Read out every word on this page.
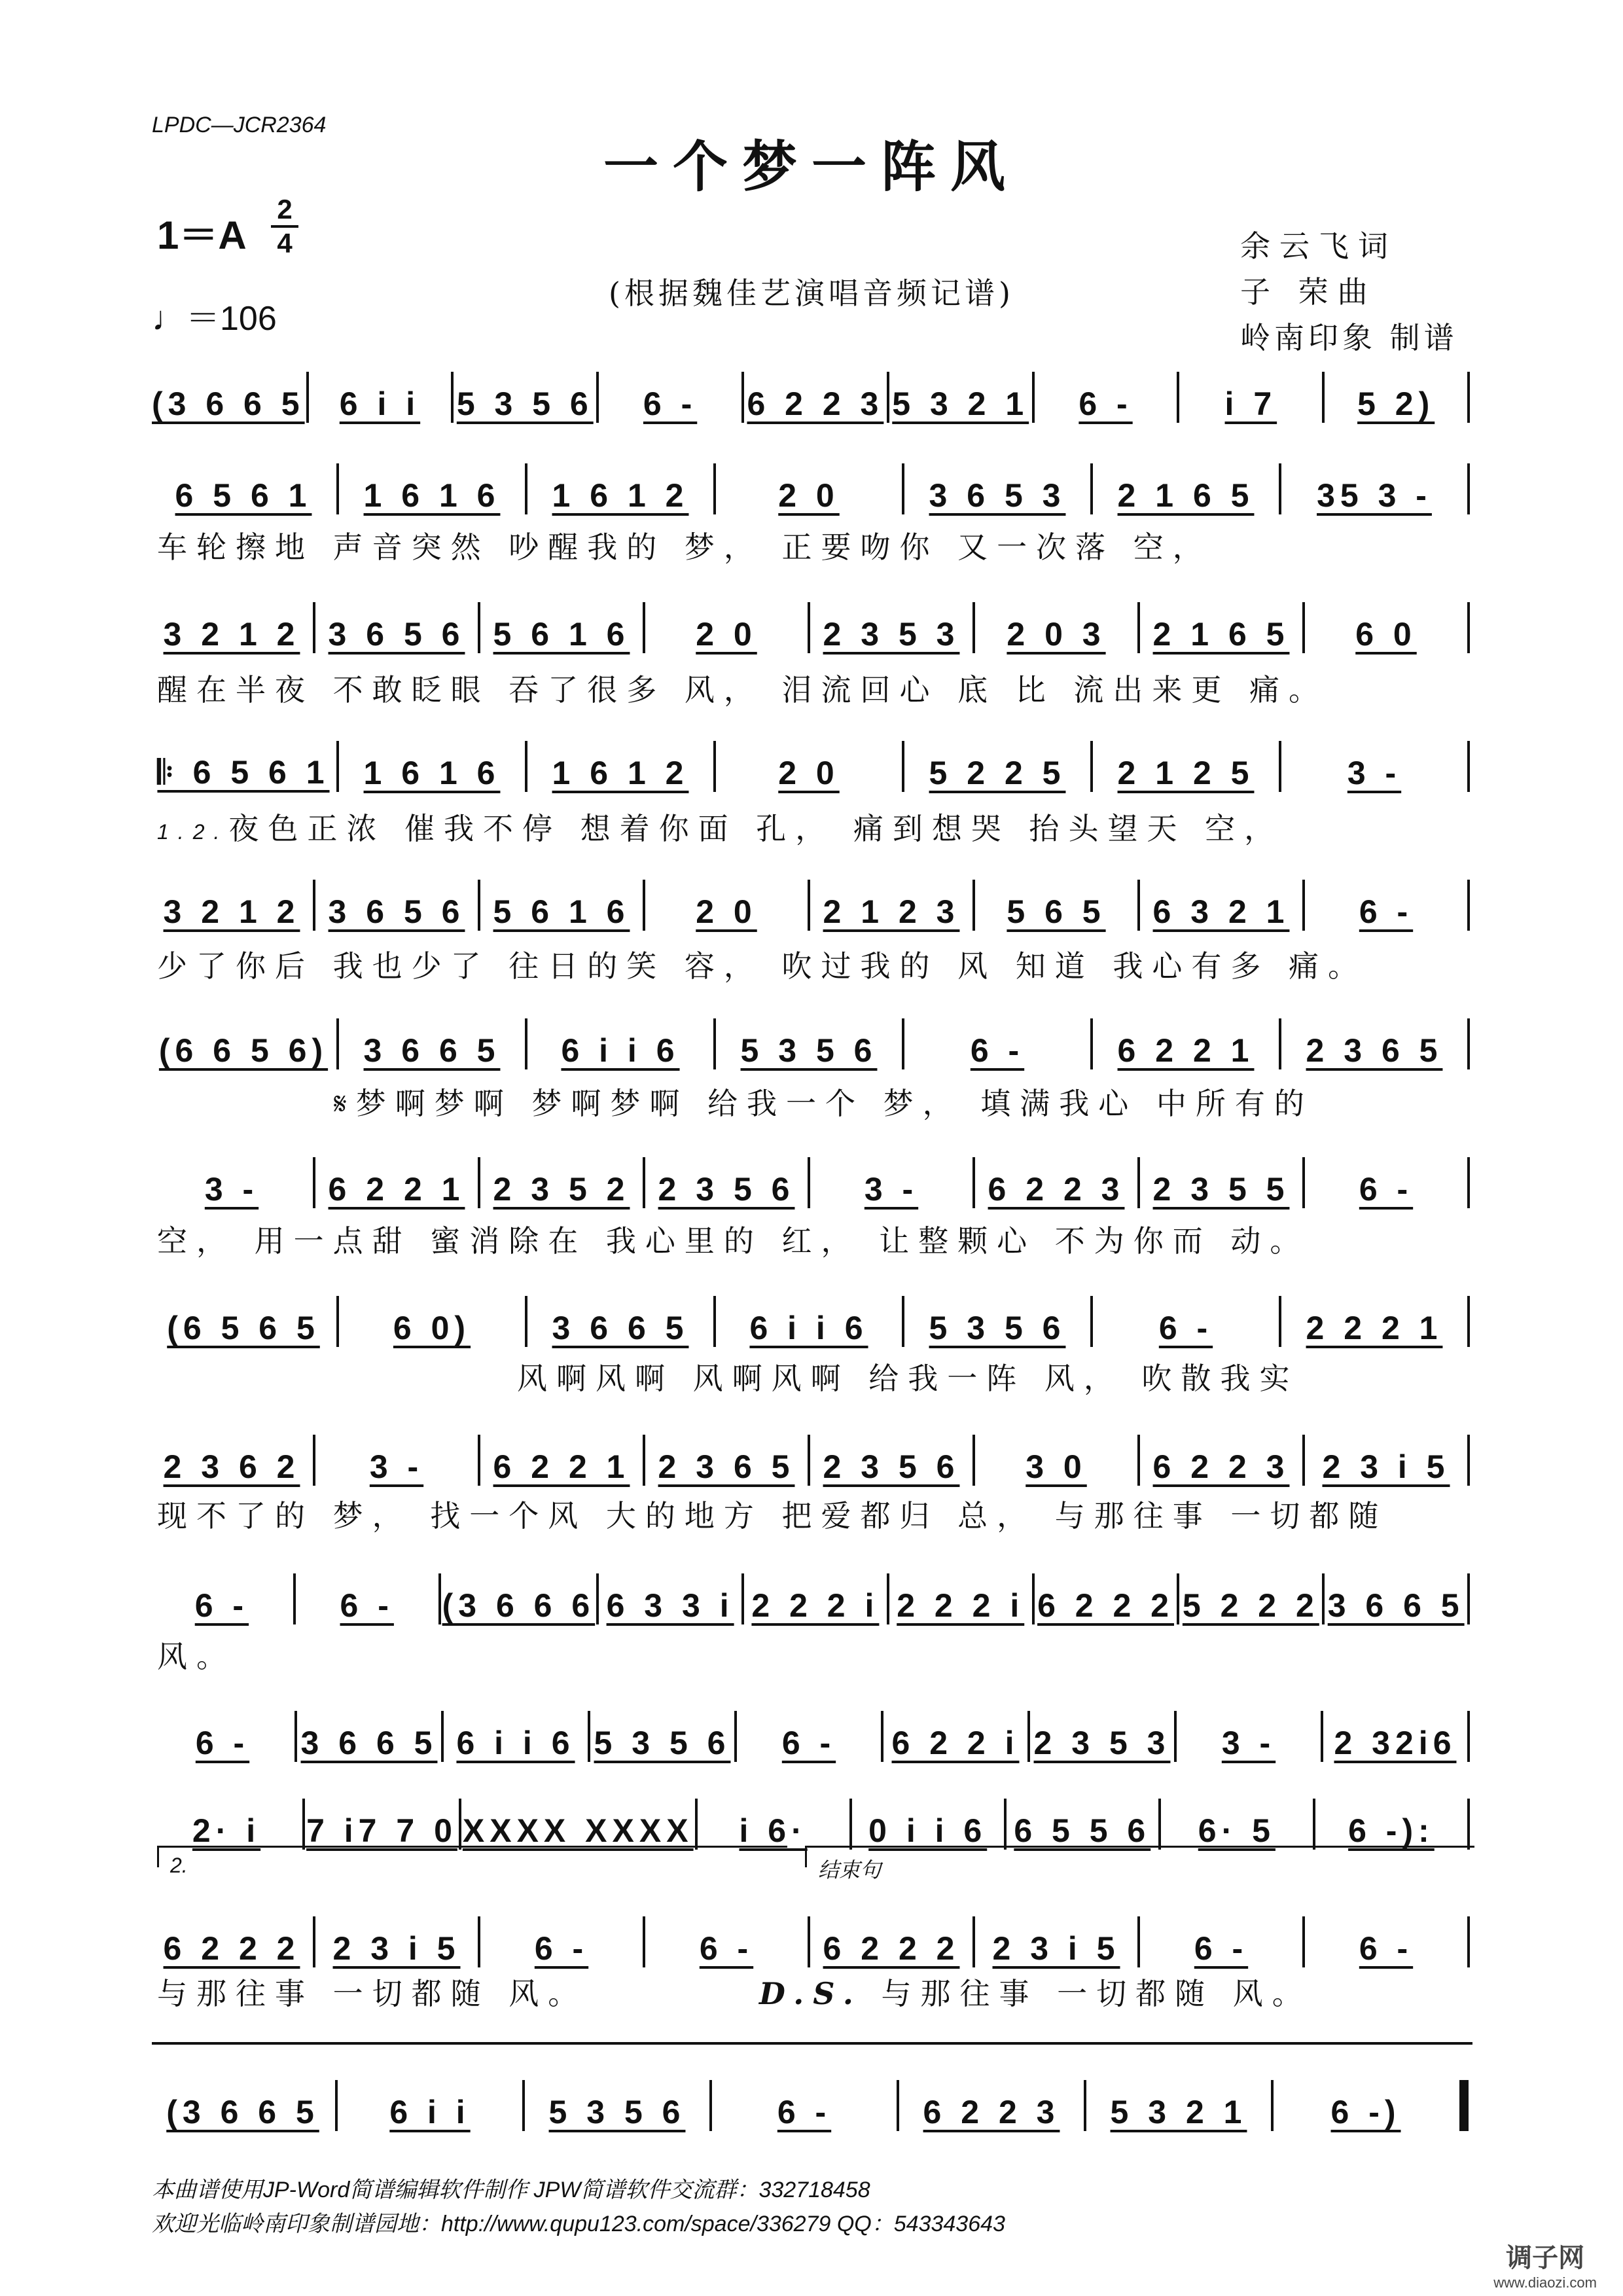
LPDC—JCR2364
一个梦一阵风
1＝A
2
4
♩＝106
(根据魏佳艺演唱音频记谱)
余云飞词
子 荣曲
岭南印象 制谱
(3 6 6 5	6 i i	5 3 5 6	6 -	6 2 2 3 5 3 2 1	6 -	i 7	5 2)
6 5 6 1	1 6 1 6	1 6 1 2	2 0	3 6 5 3	2 1 6 5	35 3 -
3 2 1 2 3 6 5 6 5 6 1 6	2 0	2 3 5 3	2 0 3	2 1 6 5	6 0
𝄆 6 5 6 1	1 6 1 6	1 6 1 2	2 0	5 2 2 5	2 1 2 5	3 -
3 2 1 2 3 6 5 6 5 6 1 6	2 0	2 1 2 3	5 6 5	6 3 2 1	6 -
(6 6 5 6)	3 6 6 5	6 i i 6	5 3 5 6	6 -	6 2 2 1	2 3 6 5
3 -	6 2 2 1 2 3 5 2 2 3 5 6	3 -	6 2 2 3 2 3 5 5	6 -
(6 5 6 5	6 0)	3 6 6 5	6 i i 6	5 3 5 6	6 -	2 2 2 1
2 3 6 2	3 -	6 2 2 1 2 3 6 5 2 3 5 6	3 0	6 2 2 3	2 3 i 5
6 -	6 -	(3 6 6 6 6 3 3 i 2 2 2 i 2 2 2 i 6 2 2 2 5 2 2 2 3 6 6 5
6 -	3 6 6 5 6 i i 6 5 3 5 6	6 -	6 2 2 i 2 3 5 3	3 -	2 32i6
2· i	7 i7 7 0 XXXX XXXX	i 6·	0 i i 6 6 5 5 6	6· 5	6 -):
6 2 2 2	2 3 i 5	6 -	6 -	6 2 2 2	2 3 i 5	6 -	6 -
(3 6 6 5	6 i i	5 3 5 6	6 -	6 2 2 3	5 3 2 1	6 -)
车轮擦地 声音突然 吵醒我的 梦， 正要吻你 又一次落 空，
醒在半夜 不敢眨眼 吞了很多 风， 泪流回心 底 比 流出来更 痛。
1.2.夜色正浓 催我不停 想着你面 孔， 痛到想哭 抬头望天 空，
少了你后 我也少了 往日的笑 容， 吹过我的 风 知道 我心有多 痛。
𝄋梦啊梦啊 梦啊梦啊 给我一个 梦， 填满我心 中所有的
空， 用一点甜 蜜消除在 我心里的 红， 让整颗心 不为你而 动。
风啊风啊 风啊风啊 给我一阵 风， 吹散我实
现不了的 梦， 找一个风 大的地方 把爱都归 总， 与那往事 一切都随
风。
2.	结束句
与那往事 一切都随 风。	D.S. 与那往事 一切都随 风。
本曲谱使用JP-Word简谱编辑软件制作 JPW简谱软件交流群：332718458
欢迎光临岭南印象制谱园地：http://www.qupu123.com/space/336279 QQ：543343643
调子网
www.diaozi.com
